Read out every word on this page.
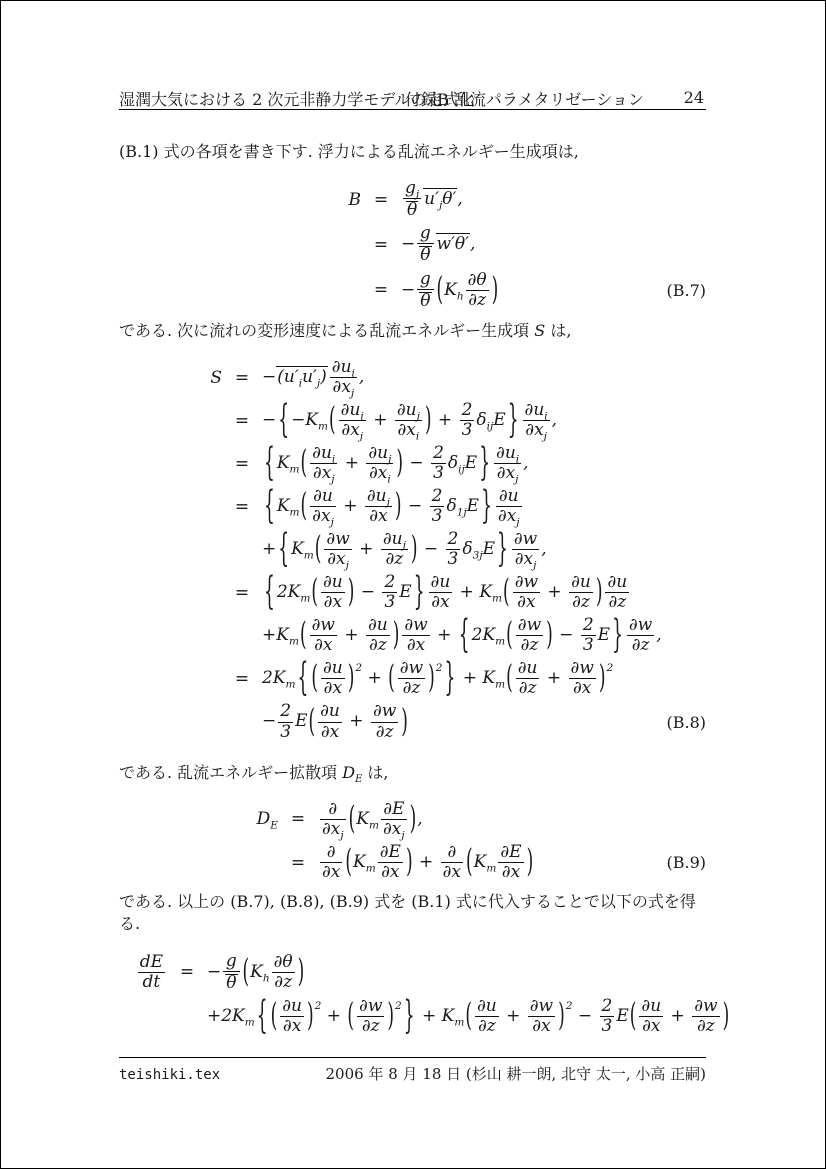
湿潤大気における 2 次元非静力学モデルの定式化
付録B 乱流パラメタリゼーション 24

(B.1) 式の各項を書き下す. 浮力による乱流エネルギー生成項は,

$B = \frac{g_j}{\theta} u'_j\theta'$,
= − $\frac{g}{\theta} w'\theta'$,
= − $\frac{g}{\theta} (K_h \frac{\partial\theta}{\partial z}$ )	(B.7)

である. 次に流れの変形速度による乱流エネルギー生成項 S は,

$S = -(u'_iu'_j) \frac{\partial u_i}{\partial x_j}$ ,
= − { $-K_m( \frac{\partial u_i}{\partial x_j} + \frac{\partial u_j}{\partial x_i}$ ) + $\frac{2}{3} \delta_{ij}E$ } $\frac{\partial u_i}{\partial x_j}$ ,
= { $K_m( \frac{\partial u_i}{\partial x_j} + \frac{\partial u_j}{\partial x_i}$ ) − $\frac{2}{3} \delta_{ij}E$ } $\frac{\partial u_i}{\partial x_j}$ ,
= { $K_m( \frac{\partial u}{\partial x_j} + \frac{\partial u_j}{\partial x}$ ) − $\frac{2}{3} \delta_{1j}E$ } $\frac{\partial u}{\partial x_j}$
+ { $K_m( \frac{\partial w}{\partial x_j} + \frac{\partial u_j}{\partial z}$ ) − $\frac{2}{3} \delta_{3j}E$ } $\frac{\partial w}{\partial x_j}$ ,
= { $2K_m( \frac{\partial u}{\partial x}$ ) − $\frac{2}{3}$ E } $\frac{\partial u}{\partial x} + K_m( \frac{\partial w}{\partial x} + \frac{\partial u}{\partial z}$ ) $\frac{\partial u}{\partial z}$
$+K_m( \frac{\partial w}{\partial x} + \frac{\partial u}{\partial z}$ ) $\frac{\partial w}{\partial x}$ + { $2K_m( \frac{\partial w}{\partial z}$ ) − $\frac{2}{3}$ E } $\frac{\partial w}{\partial z}$ ,
= $2K_m$ { ( $\frac{\partial u}{\partial x} )^2$ + ( $\frac{\partial w}{\partial z} )^2$ } + $K_m( \frac{\partial u}{\partial z} + \frac{\partial w}{\partial x} )^2$
− $\frac{2}{3} E( \frac{\partial u}{\partial x} + \frac{\partial w}{\partial z}$ )	(B.8)

である. 乱流エネルギー拡散項 $D_E$ は,

$D_E$ =
∂
$\partial x_j$ ($K_m \frac{\partial E}{\partial x_j}$ ),
=
∂
∂x ($K_m \frac{\partial E}{\partial x}$ ) +
∂
∂x ($K_m \frac{\partial E}{\partial x}$ )	(B.9)

である. 以上の (B.7), (B.8), (B.9) 式を (B.1) 式に代入することで以下の式を得る.

$\frac{dE}{dt}$ = − $\frac{g}{\theta} (K_h \frac{\partial\theta}{\partial z}$ )
$+2K_m$ { ( $\frac{\partial u}{\partial x} )^2$ + ( $\frac{\partial w}{\partial z} )^2$ } + $K_m( \frac{\partial u}{\partial z} + \frac{\partial w}{\partial x} )^2 - \frac{2}{3} E( \frac{\partial u}{\partial x} + \frac{\partial w}{\partial z}$ )
teishiki.tex	2006 年 8 月 18 日 (杉山 耕一朗, 北守 太一, 小高 正嗣)
